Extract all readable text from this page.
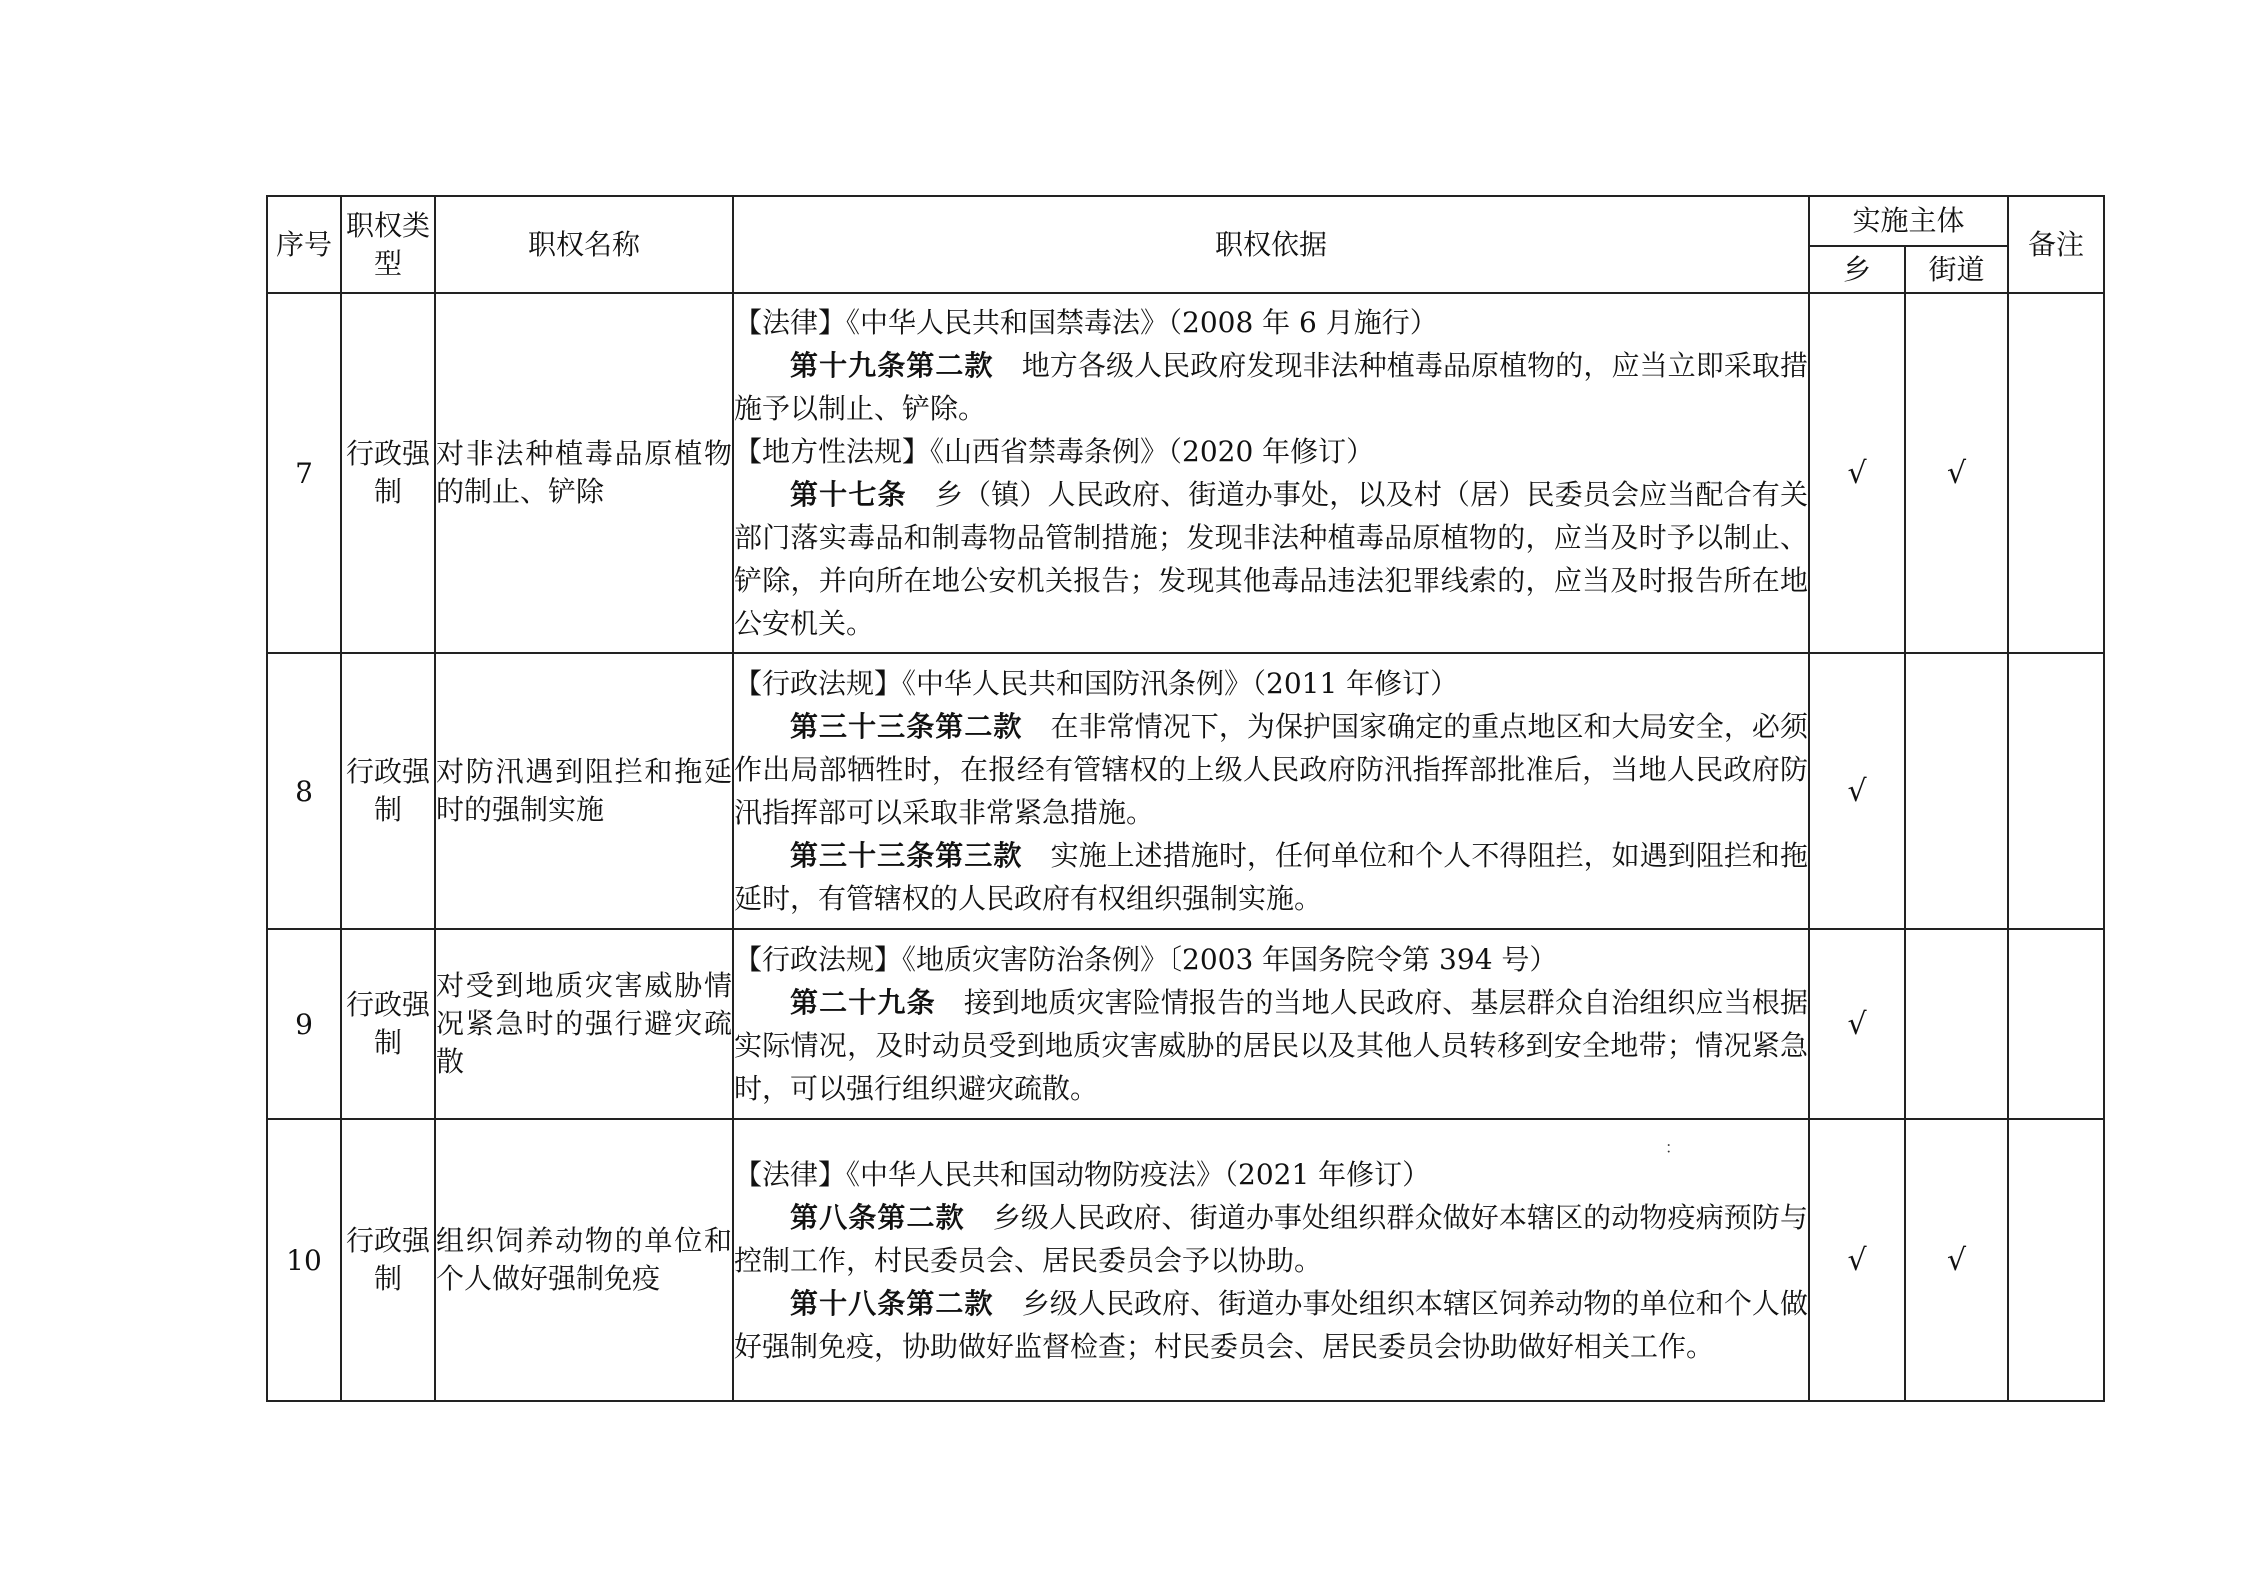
序号	职权类型	职权名称	职权依据	实施主体		备注
				乡	街道	
7	行政强制	对非法种植毒品原植物的制止、铲除	【法律】《中华人民共和国禁毒法》（2008 年 6 月施行）
第十九条第二款  地方各级人民政府发现非法种植毒品原植物的，应当立即采取措施予以制止、铲除。
【地方性法规】《山西省禁毒条例》（2020 年修订）
第十七条  乡（镇）人民政府、街道办事处，以及村（居）民委员会应当配合有关部门落实毒品和制毒物品管制措施；发现非法种植毒品原植物的，应当及时予以制止、铲除，并向所在地公安机关报告；发现其他毒品违法犯罪线索的，应当及时报告所在地公安机关。	√	√	
8	行政强制	对防汛遇到阻拦和拖延时的强制实施	【行政法规】《中华人民共和国防汛条例》（2011 年修订）
第三十三条第二款  在非常情况下，为保护国家确定的重点地区和大局安全，必须作出局部牺牲时，在报经有管辖权的上级人民政府防汛指挥部批准后，当地人民政府防汛指挥部可以采取非常紧急措施。
第三十三条第三款  实施上述措施时，任何单位和个人不得阻拦，如遇到阻拦和拖延时，有管辖权的人民政府有权组织强制实施。	√		
9	行政强制	对受到地质灾害威胁情况紧急时的强行避灾疏散	【行政法规】《地质灾害防治条例》〔2003 年国务院令第 394 号）
第二十九条  接到地质灾害险情报告的当地人民政府、基层群众自治组织应当根据实际情况，及时动员受到地质灾害威胁的居民以及其他人员转移到安全地带；情况紧急时，可以强行组织避灾疏散。	√		
10	行政强制	组织饲养动物的单位和个人做好强制免疫	【法律】《中华人民共和国动物防疫法》（2021 年修订）
第八条第二款  乡级人民政府、街道办事处组织群众做好本辖区的动物疫病预防与控制工作，村民委员会、居民委员会予以协助。
第十八条第二款  乡级人民政府、街道办事处组织本辖区饲养动物的单位和个人做好强制免疫，协助做好监督检查；村民委员会、居民委员会协助做好相关工作。	√	√	
：
